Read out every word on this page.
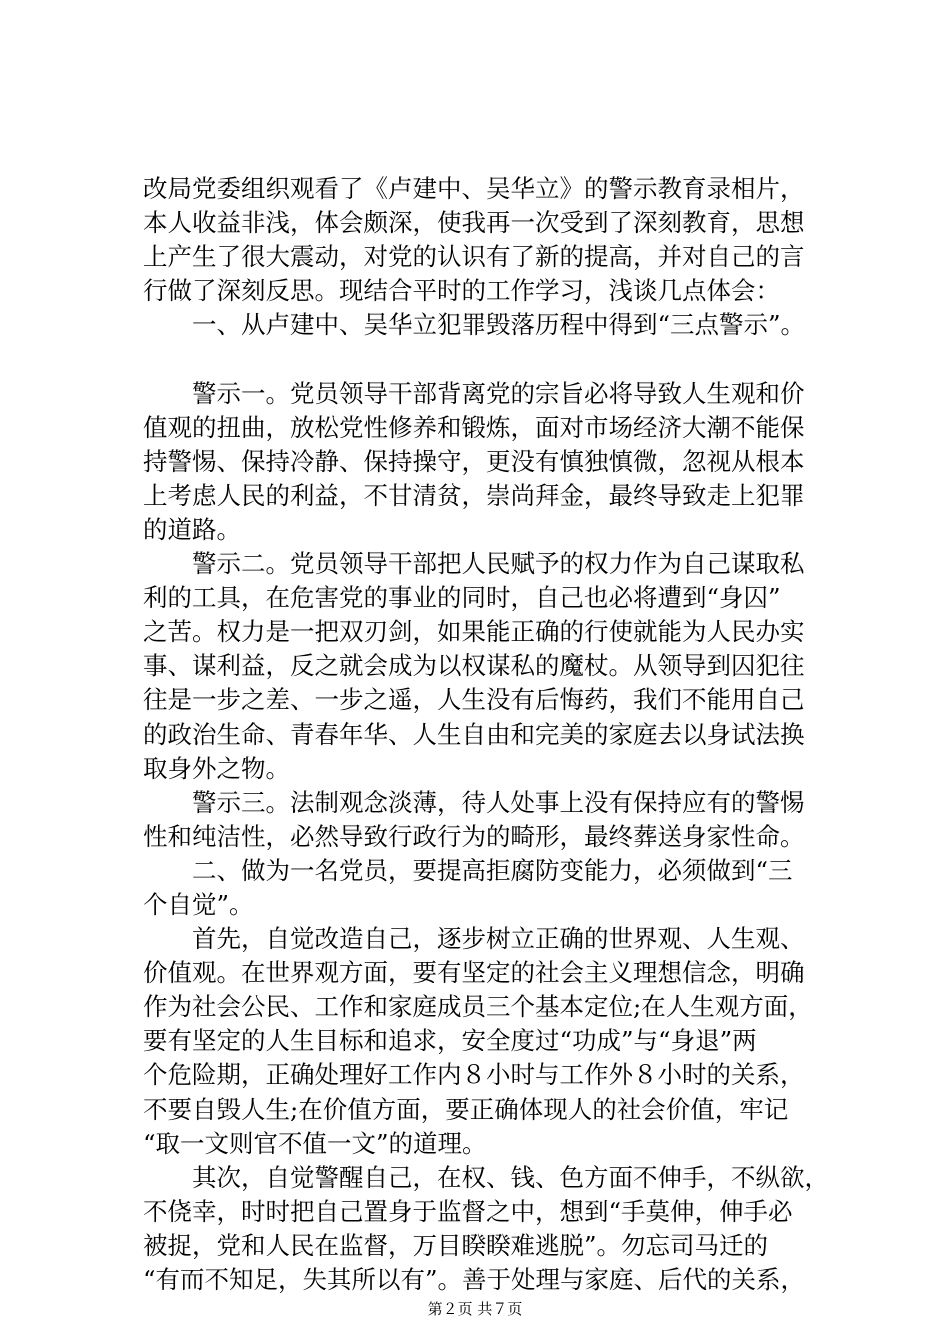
改局党委组织观看了《卢建中、吴华立》的警示教育录相片，
本人收益非浅，体会颇深，使我再一次受到了深刻教育，思想
上产生了很大震动，对党的认识有了新的提高，并对自己的言
行做了深刻反思。现结合平时的工作学习，浅谈几点体会：
　　一、从卢建中、吴华立犯罪毁落历程中得到“三点警示”。
　　警示一。党员领导干部背离党的宗旨必将导致人生观和价
值观的扭曲，放松党性修养和锻炼，面对市场经济大潮不能保
持警惕、保持冷静、保持操守，更没有慎独慎微，忽视从根本
上考虑人民的利益，不甘清贫，崇尚拜金，最终导致走上犯罪
的道路。
　　警示二。党员领导干部把人民赋予的权力作为自己谋取私
利的工具，在危害党的事业的同时，自己也必将遭到“身囚”
之苦。权力是一把双刃剑，如果能正确的行使就能为人民办实
事、谋利益，反之就会成为以权谋私的魔杖。从领导到囚犯往
往是一步之差、一步之遥，人生没有后悔药，我们不能用自己
的政治生命、青春年华、人生自由和完美的家庭去以身试法换
取身外之物。
　　警示三。法制观念淡薄，待人处事上没有保持应有的警惕
性和纯洁性，必然导致行政行为的畸形，最终葬送身家性命。
　　二、做为一名党员，要提高拒腐防变能力，必须做到“三
个自觉”。
　　首先，自觉改造自己，逐步树立正确的世界观、人生观、
价值观。在世界观方面，要有坚定的社会主义理想信念，明确
作为社会公民、工作和家庭成员三个基本定位;在人生观方面，
要有坚定的人生目标和追求，安全度过“功成”与“身退”两
个危险期，正确处理好工作内８小时与工作外８小时的关系，
不要自毁人生;在价值方面，要正确体现人的社会价值，牢记
“取一文则官不值一文”的道理。
　　其次，自觉警醒自己，在权、钱、色方面不伸手，不纵欲，
不侥幸，时时把自己置身于监督之中，想到“手莫伸，伸手必
被捉，党和人民在监督，万目睽睽难逃脱”。勿忘司马迁的
“有而不知足，失其所以有”。善于处理与家庭、后代的关系，
第２页 共７页
